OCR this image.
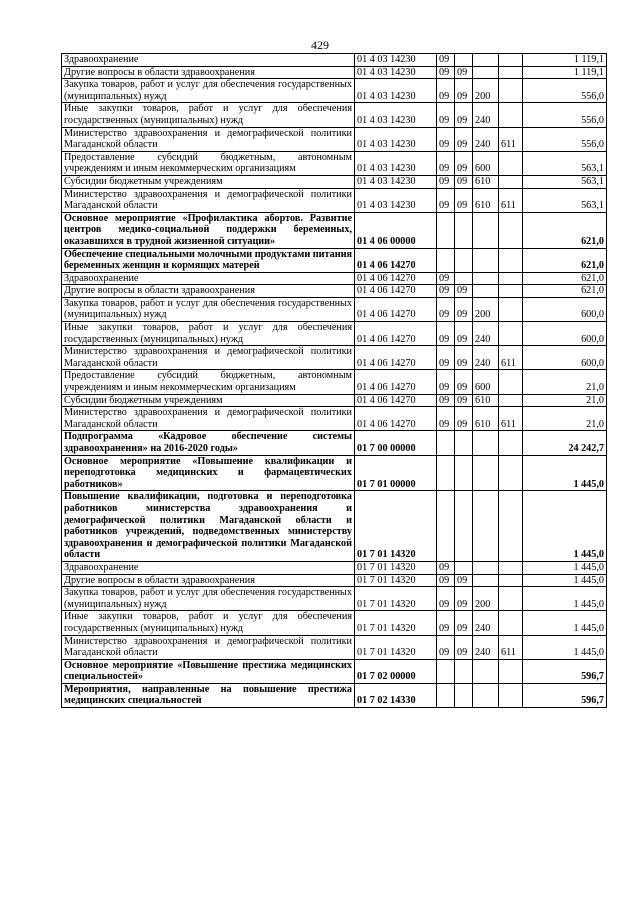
429
Здравоохранение	01 4 03 14230	09				1 119,1
Другие вопросы в области здравоохранения	01 4 03 14230	09	09			1 119,1
Закупка товаров, работ и услуг для обеспечения государственных (муниципальных) нужд	01 4 03 14230	09	09	200		556,0
Иные закупки товаров, работ и услуг для обеспечения государственных (муниципальных) нужд	01 4 03 14230	09	09	240		556,0
Министерство здравоохранения и демографической политики Магаданской области	01 4 03 14230	09	09	240	611	556,0
Предоставление субсидий бюджетным, автономным учреждениям и иным некоммерческим организациям	01 4 03 14230	09	09	600		563,1
Субсидии бюджетным учреждениям	01 4 03 14230	09	09	610		563,1
Министерство здравоохранения и демографической политики Магаданской области	01 4 03 14230	09	09	610	611	563,1
Основное мероприятие «Профилактика абортов. Развитие центров медико-социальной поддержки беременных, оказавшихся в трудной жизненной ситуации»	01 4 06 00000					621,0
Обеспечение специальными молочными продуктами питания беременных женщин и кормящих матерей	01 4 06 14270					621,0
Здравоохранение	01 4 06 14270	09				621,0
Другие вопросы в области здравоохранения	01 4 06 14270	09	09			621,0
Закупка товаров, работ и услуг для обеспечения государственных (муниципальных) нужд	01 4 06 14270	09	09	200		600,0
Иные закупки товаров, работ и услуг для обеспечения государственных (муниципальных) нужд	01 4 06 14270	09	09	240		600,0
Министерство здравоохранения и демографической политики Магаданской области	01 4 06 14270	09	09	240	611	600,0
Предоставление субсидий бюджетным, автономным учреждениям и иным некоммерческим организациям	01 4 06 14270	09	09	600		21,0
Субсидии бюджетным учреждениям	01 4 06 14270	09	09	610		21,0
Министерство здравоохранения и демографической политики Магаданской области	01 4 06 14270	09	09	610	611	21,0
Подпрограмма «Кадровое обеспечение системы здравоохранения» на 2016-2020 годы»	01 7 00 00000					24 242,7
Основное мероприятие «Повышение квалификации и переподготовка медицинских и фармацевтических работников»	01 7 01 00000					1 445,0
Повышение квалификации, подготовка и переподготовка работников министерства здравоохранения и демографической политики Магаданской области и работников учреждений, подведомственных министерству здравоохранения и демографической политики Магаданской области	01 7 01 14320					1 445,0
Здравоохранение	01 7 01 14320	09				1 445,0
Другие вопросы в области здравоохранения	01 7 01 14320	09	09			1 445,0
Закупка товаров, работ и услуг для обеспечения государственных (муниципальных) нужд	01 7 01 14320	09	09	200		1 445,0
Иные закупки товаров, работ и услуг для обеспечения государственных (муниципальных) нужд	01 7 01 14320	09	09	240		1 445,0
Министерство здравоохранения и демографической политики Магаданской области	01 7 01 14320	09	09	240	611	1 445,0
Основное мероприятие «Повышение престижа медицинских специальностей»	01 7 02 00000					596,7
Мероприятия, направленные на повышение престижа медицинских специальностей	01 7 02 14330					596,7
